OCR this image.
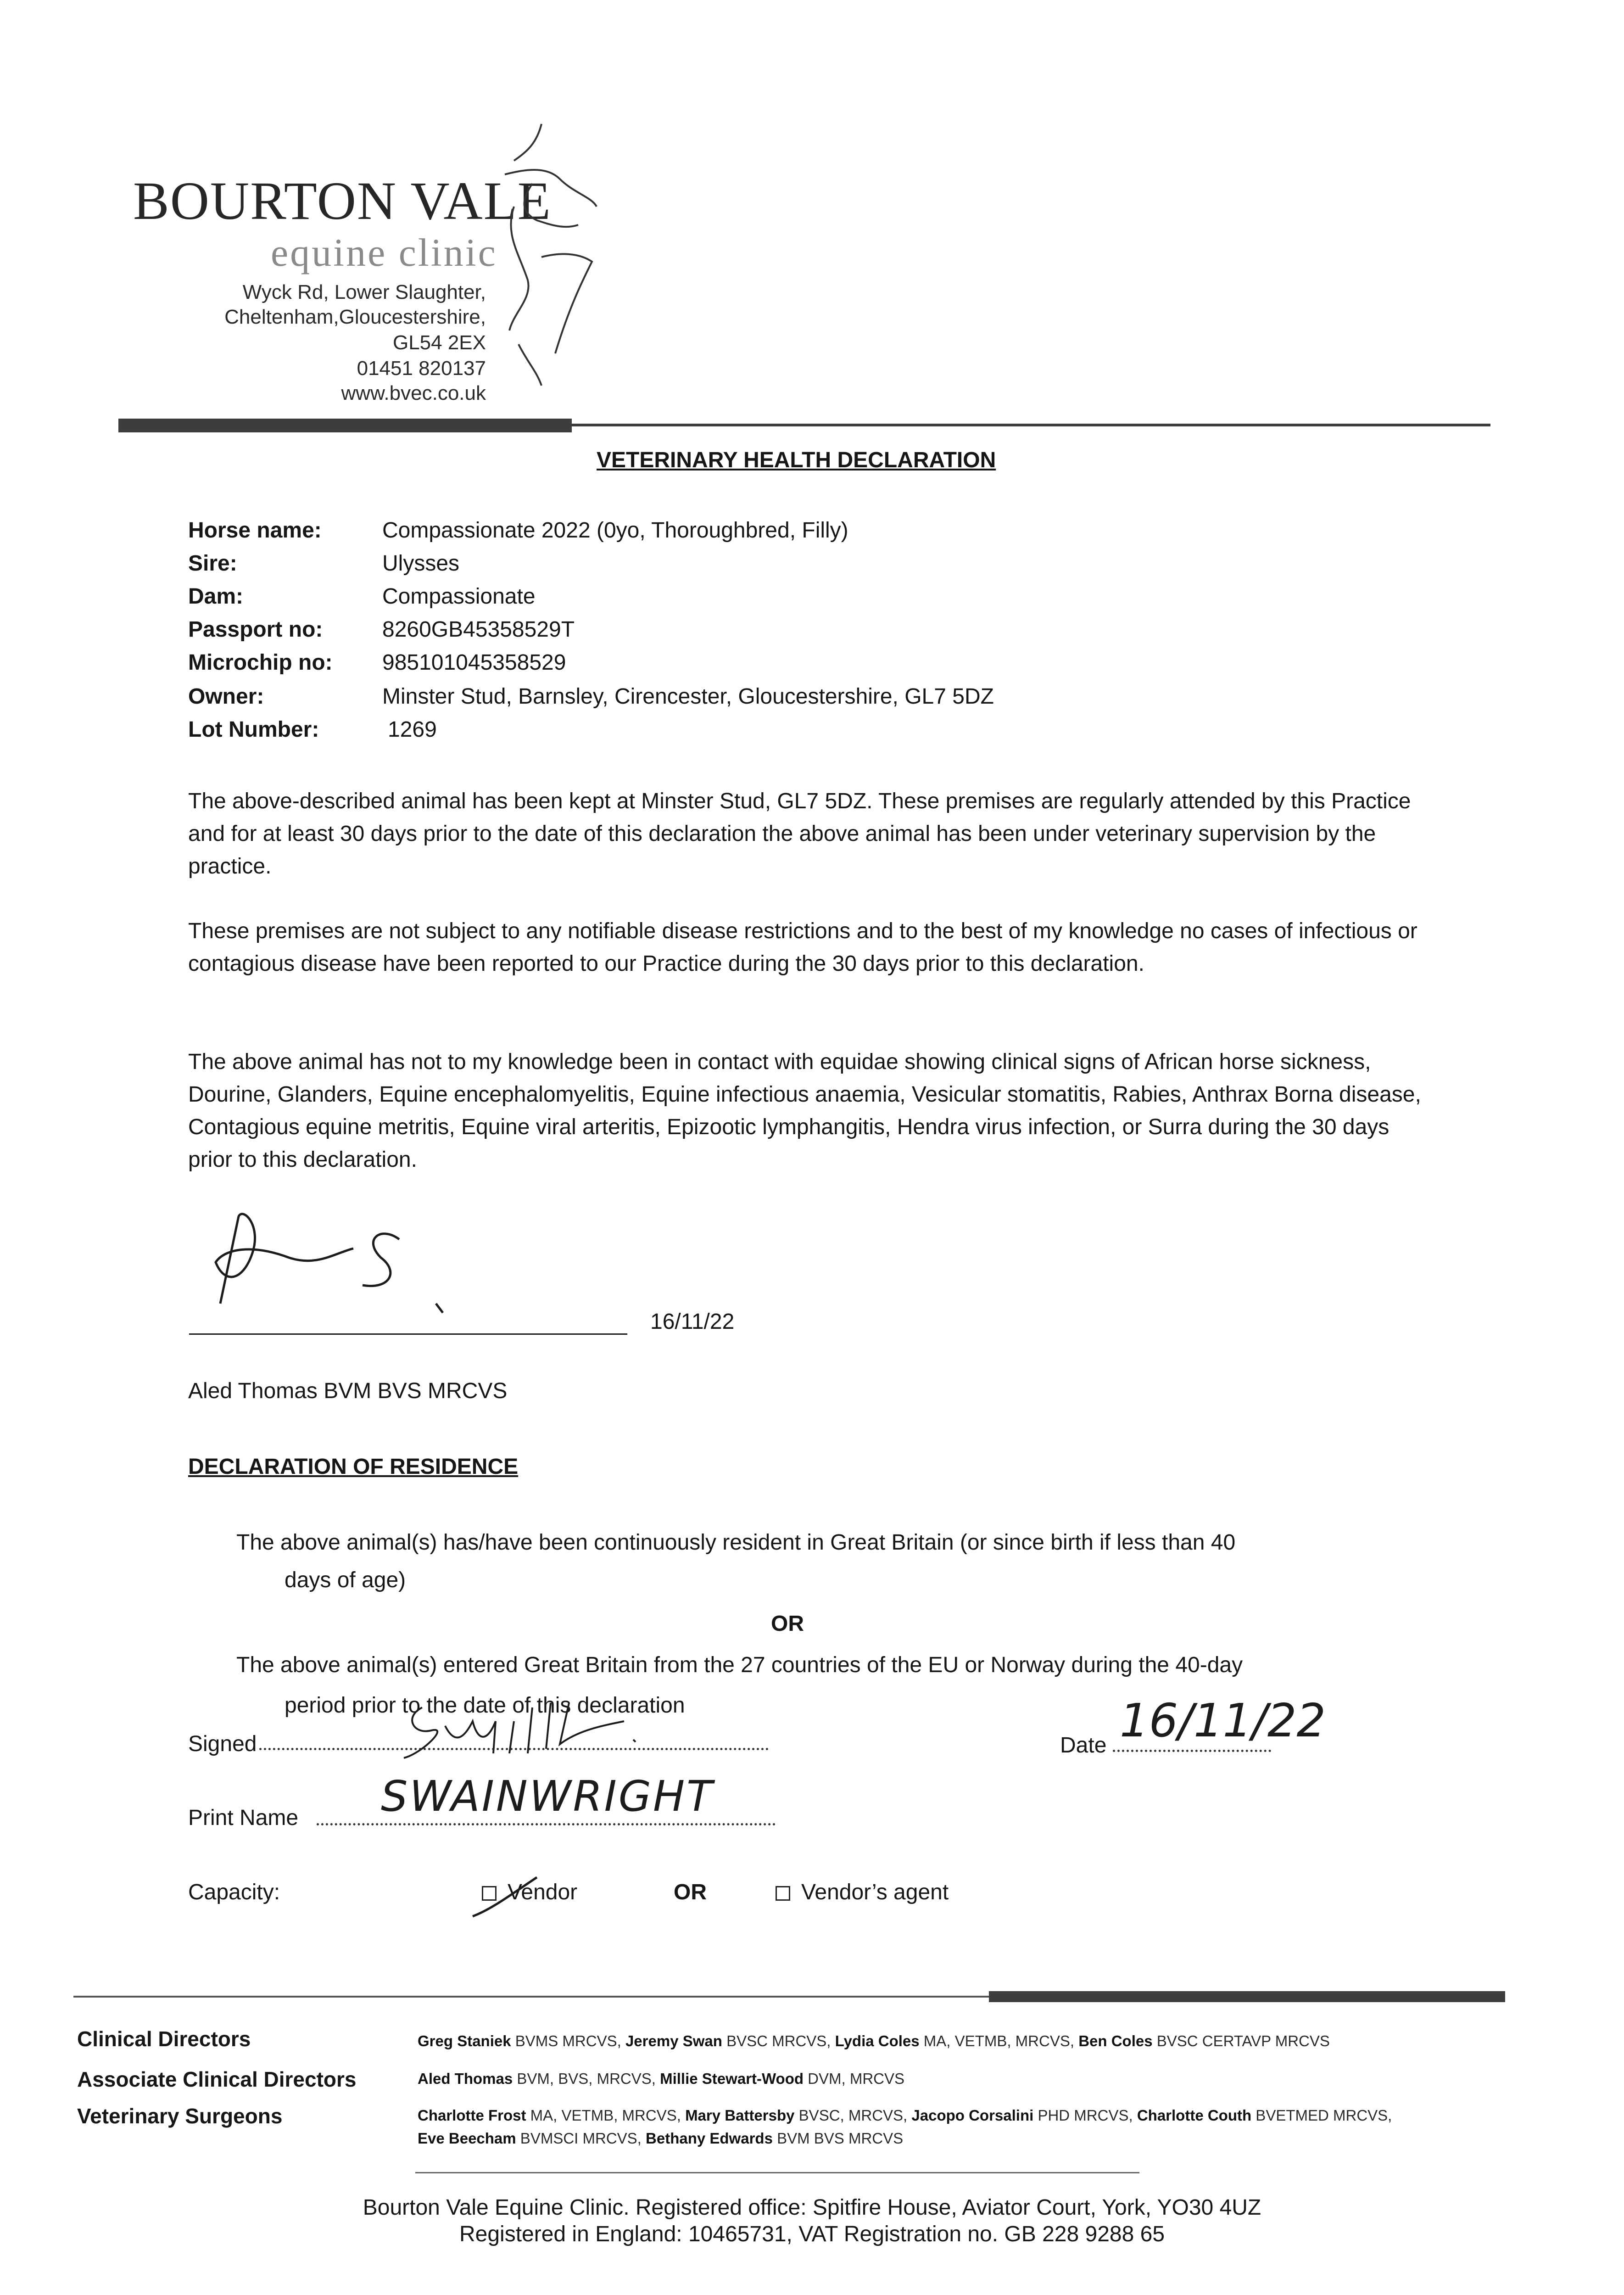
BOURTON VALE
equine clinic
Wyck Rd, Lower Slaughter,
Cheltenham,Gloucestershire,
GL54 2EX
01451 820137
www.bvec.co.uk
VETERINARY HEALTH DECLARATION
Horse name:	Compassionate 2022 (0yo, Thoroughbred, Filly)
Sire:	Ulysses
Dam:	Compassionate
Passport no:	8260GB45358529T
Microchip no: 985101045358529
Owner:	Minster Stud, Barnsley, Cirencester, Gloucestershire, GL7 5DZ
Lot Number:	1269
The above-described animal has been kept at Minster Stud, GL7 5DZ. These premises are regularly attended by this Practice and for at least 30 days prior to the date of this declaration the above animal has been under veterinary supervision by the practice.
These premises are not subject to any notifiable disease restrictions and to the best of my knowledge no cases of infectious or contagious disease have been reported to our Practice during the 30 days prior to this declaration.
The above animal has not to my knowledge been in contact with equidae showing clinical signs of African horse sickness, Dourine, Glanders, Equine encephalomyelitis, Equine infectious anaemia, Vesicular stomatitis, Rabies, Anthrax Borna disease, Contagious equine metritis, Equine viral arteritis, Epizootic lymphangitis, Hendra virus infection, or Surra during the 30 days prior to this declaration.
16/11/22
Aled Thomas BVM BVS MRCVS
DECLARATION OF RESIDENCE
The above animal(s) has/have been continuously resident in Great Britain (or since birth if less than 40
days of age)
OR
The above animal(s) entered Great Britain from the 27 countries of the EU or Norway during the 40-day
period prior to the date of this declaration
Signed	Date 16/11/22
Print Name SWAINWRIGHT
Capacity:	Vendor	OR	Vendor’s agent
Clinical Directors	Greg Staniek BVMS MRCVS, Jeremy Swan BVSC MRCVS, Lydia Coles MA, VETMB, MRCVS, Ben Coles BVSC CERTAVP MRCVS
Associate Clinical Directors	Aled Thomas BVM, BVS, MRCVS, Millie Stewart-Wood DVM, MRCVS
Veterinary Surgeons	Charlotte Frost MA, VETMB, MRCVS, Mary Battersby BVSC, MRCVS, Jacopo Corsalini PHD MRCVS, Charlotte Couth BVETMED MRCVS,
Eve Beecham BVMSCI MRCVS, Bethany Edwards BVM BVS MRCVS
Bourton Vale Equine Clinic. Registered office: Spitfire House, Aviator Court, York, YO30 4UZ
Registered in England: 10465731, VAT Registration no. GB 228 9288 65
